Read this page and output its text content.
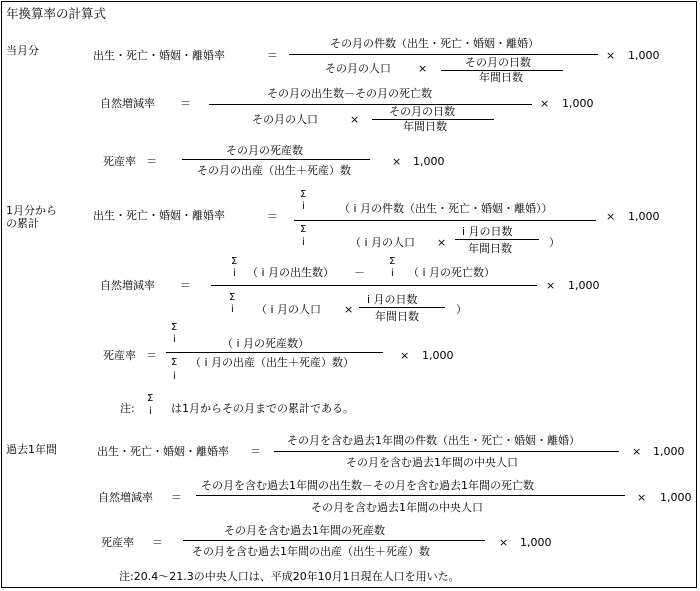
年換算率の計算式
当月分	出生・死亡・婚姻・離婚率	＝
その月の件数（出生・死亡・婚姻・離婚）
その月の人口 ×	その月の日数
年間日数
× 1,000
自然増減率 ＝
その月の出生数－その月の死亡数
その月の人口	×
その月の日数
年間日数
× 1,000
死産率 ＝
その月の死産数
その月の出産（出生＋死産）数
× 1,000
1月分から
の累計
出生・死亡・婚姻・離婚率	＝
Σ
i	（ i 月の件数（出生・死亡・婚姻・離婚））
Σ
i	（ i 月の人口 ×
i 月の日数
年間日数	）
× 1,000
自然増減率 ＝
Σ
i （ i 月の出生数） －
Σ
i （ i 月の死亡数）
Σ
i （ i 月の人口 ×
i 月の日数
年間日数
）
× 1,000
死産率 ＝
Σ
i	（ i 月の死産数）
Σ
i
（ i 月の出産（出生＋死産）数）
× 1,000
注:
Σ
i は1月からその月までの累計である。
過去1年間	出生・死亡・婚姻・離婚率 ＝
その月を含む過去1年間の件数（出生・死亡・婚姻・離婚）
その月を含む過去1年間の中央人口
× 1,000
自然増減率 ＝
その月を含む過去1年間の出生数－その月を含む過去1年間の死亡数
その月を含む過去1年間の中央人口
× 1,000
死産率 ＝
その月を含む過去1年間の死産数
その月を含む過去1年間の出産（出生＋死産）数
× 1,000
注:20.4～21.3の中央人口は、平成20年10月1日現在人口を用いた。
